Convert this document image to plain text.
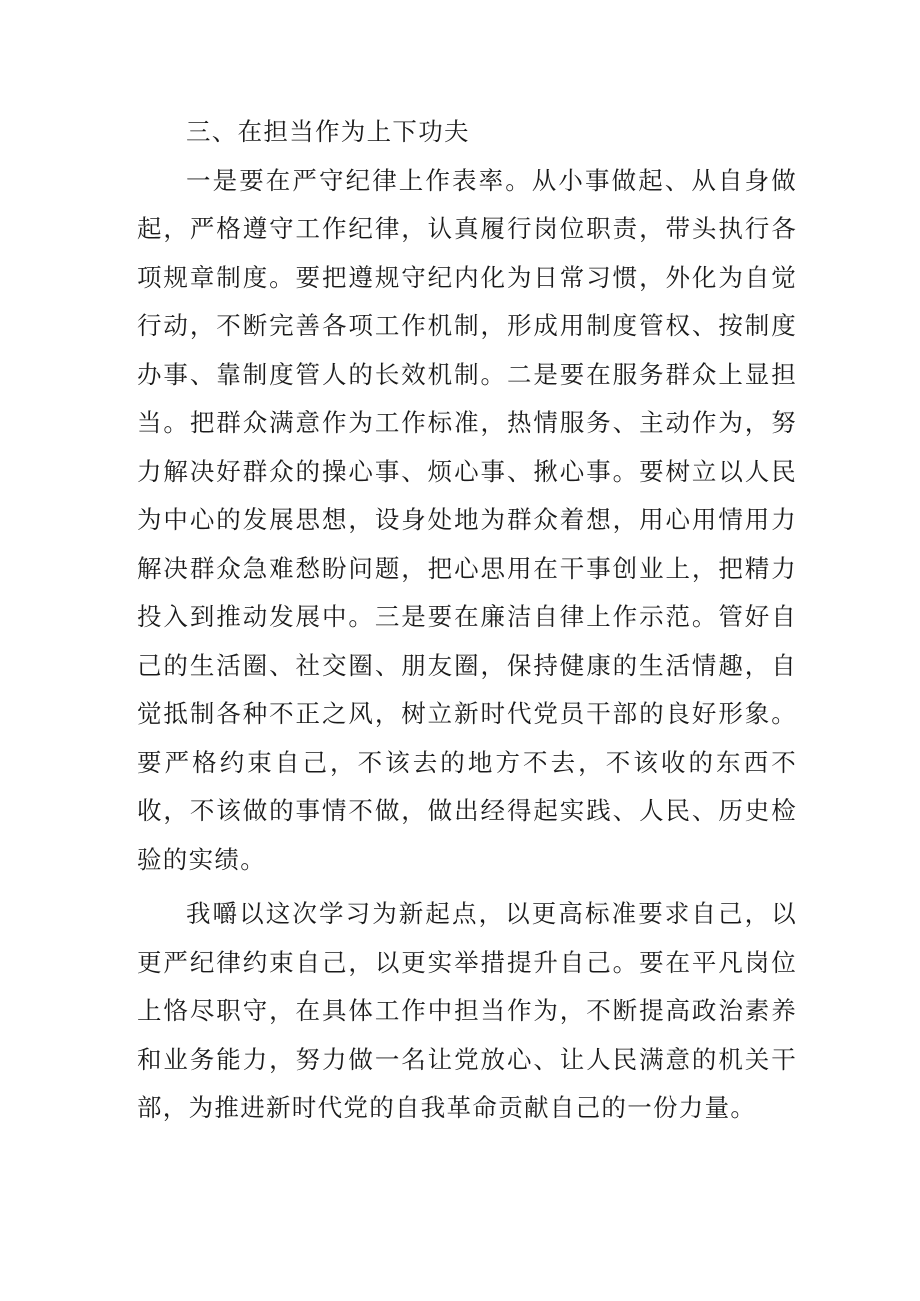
三、在担当作为上下功夫

一是要在严守纪律上作表率。从小事做起、从自身做起，严格遵守工作纪律，认真履行岗位职责，带头执行各项规章制度。要把遵规守纪内化为日常习惯，外化为自觉行动，不断完善各项工作机制，形成用制度管权、按制度办事、靠制度管人的长效机制。二是要在服务群众上显担当。把群众满意作为工作标准，热情服务、主动作为，努力解决好群众的操心事、烦心事、揪心事。要树立以人民为中心的发展思想，设身处地为群众着想，用心用情用力解决群众急难愁盼问题，把心思用在干事创业上，把精力投入到推动发展中。三是要在廉洁自律上作示范。管好自己的生活圈、社交圈、朋友圈，保持健康的生活情趣，自觉抵制各种不正之风，树立新时代党员干部的良好形象。要严格约束自己，不该去的地方不去，不该收的东西不收，不该做的事情不做，做出经得起实践、人民、历史检验的实绩。

我嚼以这次学习为新起点，以更高标准要求自己，以更严纪律约束自己，以更实举措提升自己。要在平凡岗位上恪尽职守，在具体工作中担当作为，不断提高政治素养和业务能力，努力做一名让党放心、让人民满意的机关干部，为推进新时代党的自我革命贡献自己的一份力量。
